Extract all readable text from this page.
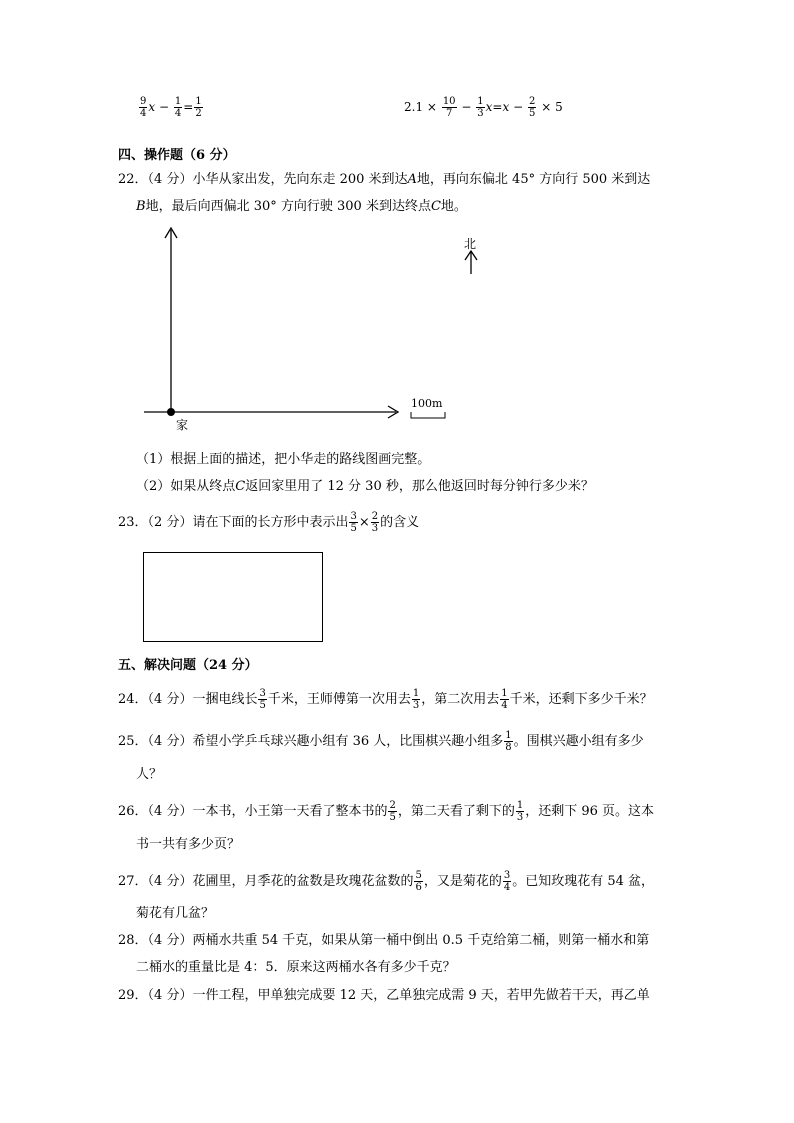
$\frac{9}{4}$ $x - \frac{1}{4} = \frac{1}{2}$	$2.1 \times \frac{10}{7} - \frac{1}{3} x=x - \frac{2}{5} \times 5$
四、操作题（6 分）
22．（4 分）小华从家出发，先向东走 200 米到达A地，再向东偏北 45° 方向行 500 米到达
B地，最后向西偏北 30° 方向行驶 300 米到达终点C地。
家
北
100m
（1）根据上面的描述，把小华走的路线图画完整。
（2）如果从终点C返回家里用了 12 分 30 秒，那么他返回时每分钟行多少米？
23．（2 分）请在下面的长方形中表示出 $\frac{3}{5} \times \frac{2}{3}$ 的含义
五、解决问题（24 分）
24．（4 分）一捆电线长 $\frac{3}{5}$ 千米，王师傅第一次用去 $\frac{1}{3}$ ，第二次用去 $\frac{1}{4}$ 千米，还剩下多少千米？
25．（4 分）希望小学乒乓球兴趣小组有 36 人，比围棋兴趣小组多 $\frac{1}{8}$ 。围棋兴趣小组有多少
人？
26．（4 分）一本书，小王第一天看了整本书的 $\frac{2}{5}$ ，第二天看了剩下的 $\frac{1}{3}$ ，还剩下 96 页。这本
书一共有多少页？
27．（4 分）花圃里，月季花的盆数是玫瑰花盆数的 $\frac{5}{6}$ ，又是菊花的 $\frac{3}{4}$ 。已知玫瑰花有 54 盆，
菊花有几盆？
28．（4 分）两桶水共重 54 千克，如果从第一桶中倒出 0.5 千克给第二桶，则第一桶水和第
二桶水的重量比是 4：5．原来这两桶水各有多少千克？
29．（4 分）一件工程，甲单独完成要 12 天，乙单独完成需 9 天，若甲先做若干天，再乙单
